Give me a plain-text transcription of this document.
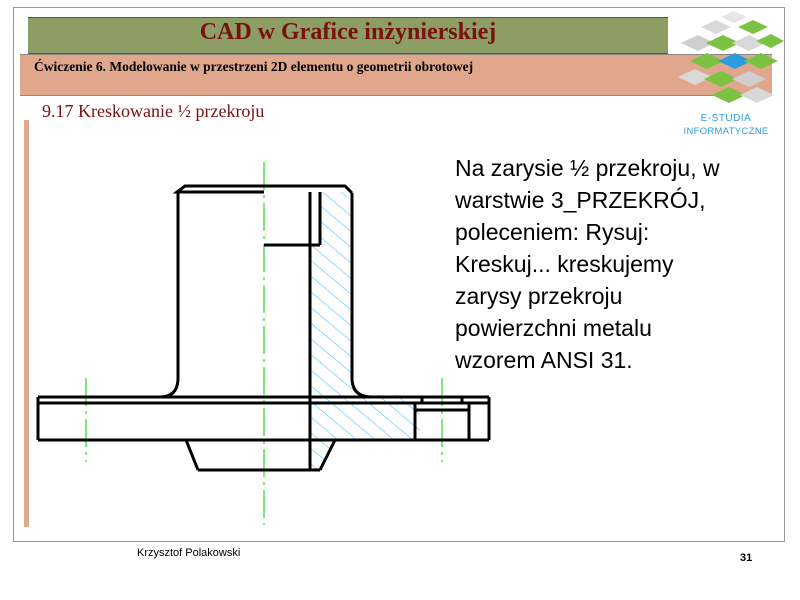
CAD w Grafice inżynierskiej
Ćwiczenie 6. Modelowanie w przestrzeni 2D elementu o geometrii obrotowej
9.17 Kreskowanie ½ przekroju	E-STUDIA
INFORMATYCZNE
Na zarysie ½ przekroju, w
warstwie 3_PRZEKRÓJ,
poleceniem: Rysuj:
Kreskuj... kreskujemy
zarysy przekroju
powierzchni metalu
wzorem ANSI 31.
Krzysztof Polakowski	31
